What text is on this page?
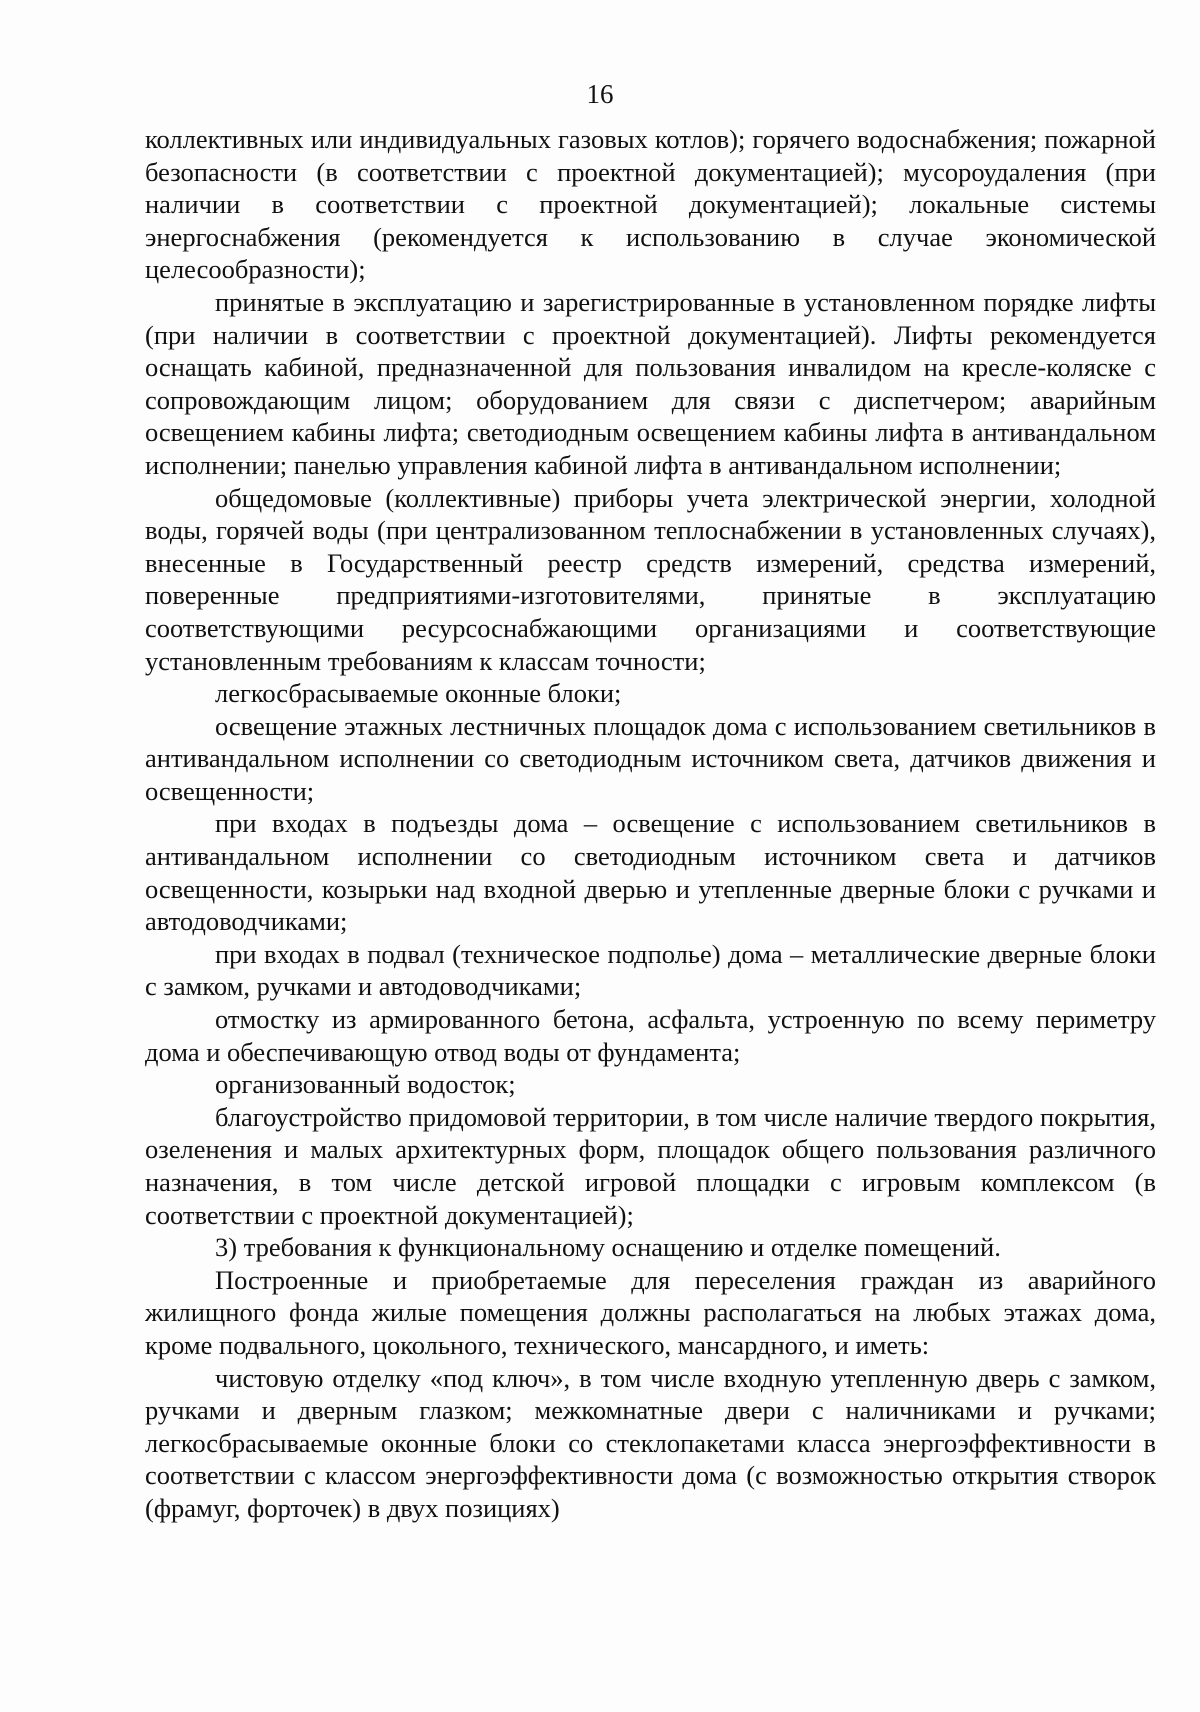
16

коллективных или индивидуальных газовых котлов); горячего водоснабжения; пожарной безопасности (в соответствии с проектной документацией); мусороудаления (при наличии в соответствии с проектной документацией); локальные системы энергоснабжения (рекомендуется к использованию в случае экономической целесообразности);

принятые в эксплуатацию и зарегистрированные в установленном порядке лифты (при наличии в соответствии с проектной документацией). Лифты рекомендуется оснащать кабиной, предназначенной для пользования инвалидом на кресле-коляске с сопровождающим лицом; оборудованием для связи с диспетчером; аварийным освещением кабины лифта; светодиодным освещением кабины лифта в антивандальном исполнении; панелью управления кабиной лифта в антивандальном исполнении;

общедомовые (коллективные) приборы учета электрической энергии, холодной воды, горячей воды (при централизованном теплоснабжении в установленных случаях), внесенные в Государственный реестр средств измерений, средства измерений, поверенные предприятиями-изготовителями, принятые в эксплуатацию соответствующими ресурсоснабжающими организациями и соответствующие установленным требованиям к классам точности;

легкосбрасываемые оконные блоки;

освещение этажных лестничных площадок дома с использованием светильников в антивандальном исполнении со светодиодным источником света, датчиков движения и освещенности;

при входах в подъезды дома – освещение с использованием светильников в антивандальном исполнении со светодиодным источником света и датчиков освещенности, козырьки над входной дверью и утепленные дверные блоки с ручками и автодоводчиками;

при входах в подвал (техническое подполье) дома – металлические дверные блоки с замком, ручками и автодоводчиками;

отмостку из армированного бетона, асфальта, устроенную по всему периметру дома и обеспечивающую отвод воды от фундамента;

организованный водосток;

благоустройство придомовой территории, в том числе наличие твердого покрытия, озеленения и малых архитектурных форм, площадок общего пользования различного назначения, в том числе детской игровой площадки с игровым комплексом (в соответствии с проектной документацией);

3) требования к функциональному оснащению и отделке помещений.

Построенные и приобретаемые для переселения граждан из аварийного жилищного фонда жилые помещения должны располагаться на любых этажах дома, кроме подвального, цокольного, технического, мансардного, и иметь:

чистовую отделку «под ключ», в том числе входную утепленную дверь с замком, ручками и дверным глазком; межкомнатные двери с наличниками и ручками; легкосбрасываемые оконные блоки со стеклопакетами класса энергоэффективности в соответствии с классом энергоэффективности дома (с возможностью открытия створок (фрамуг, форточек) в двух позициях)
